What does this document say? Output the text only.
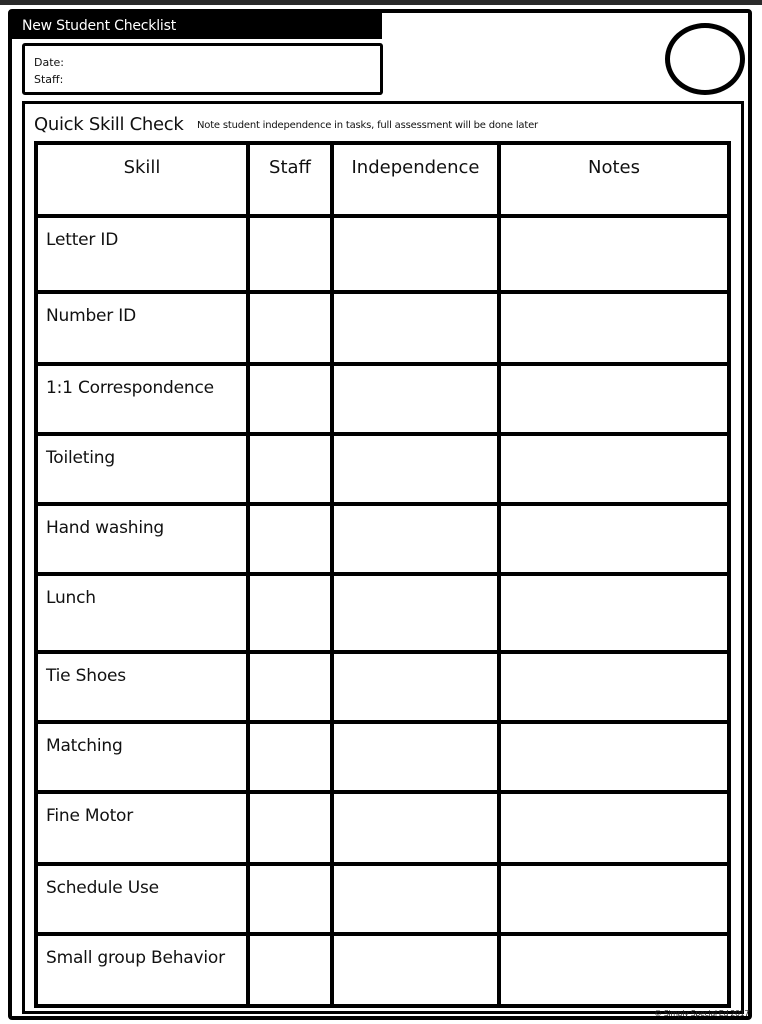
New Student Checklist
Date:
Staff:
Quick Skill Check Note student independence in tasks, full assessment will be done later
Skill	Staff	Independence	Notes
Letter ID			
Number ID			
1:1 Correspondence			
Toileting			
Hand washing			
Lunch			
Tie Shoes			
Matching			
Fine Motor			
Schedule Use			
Small group Behavior			
© Simply Special Ed 2017
